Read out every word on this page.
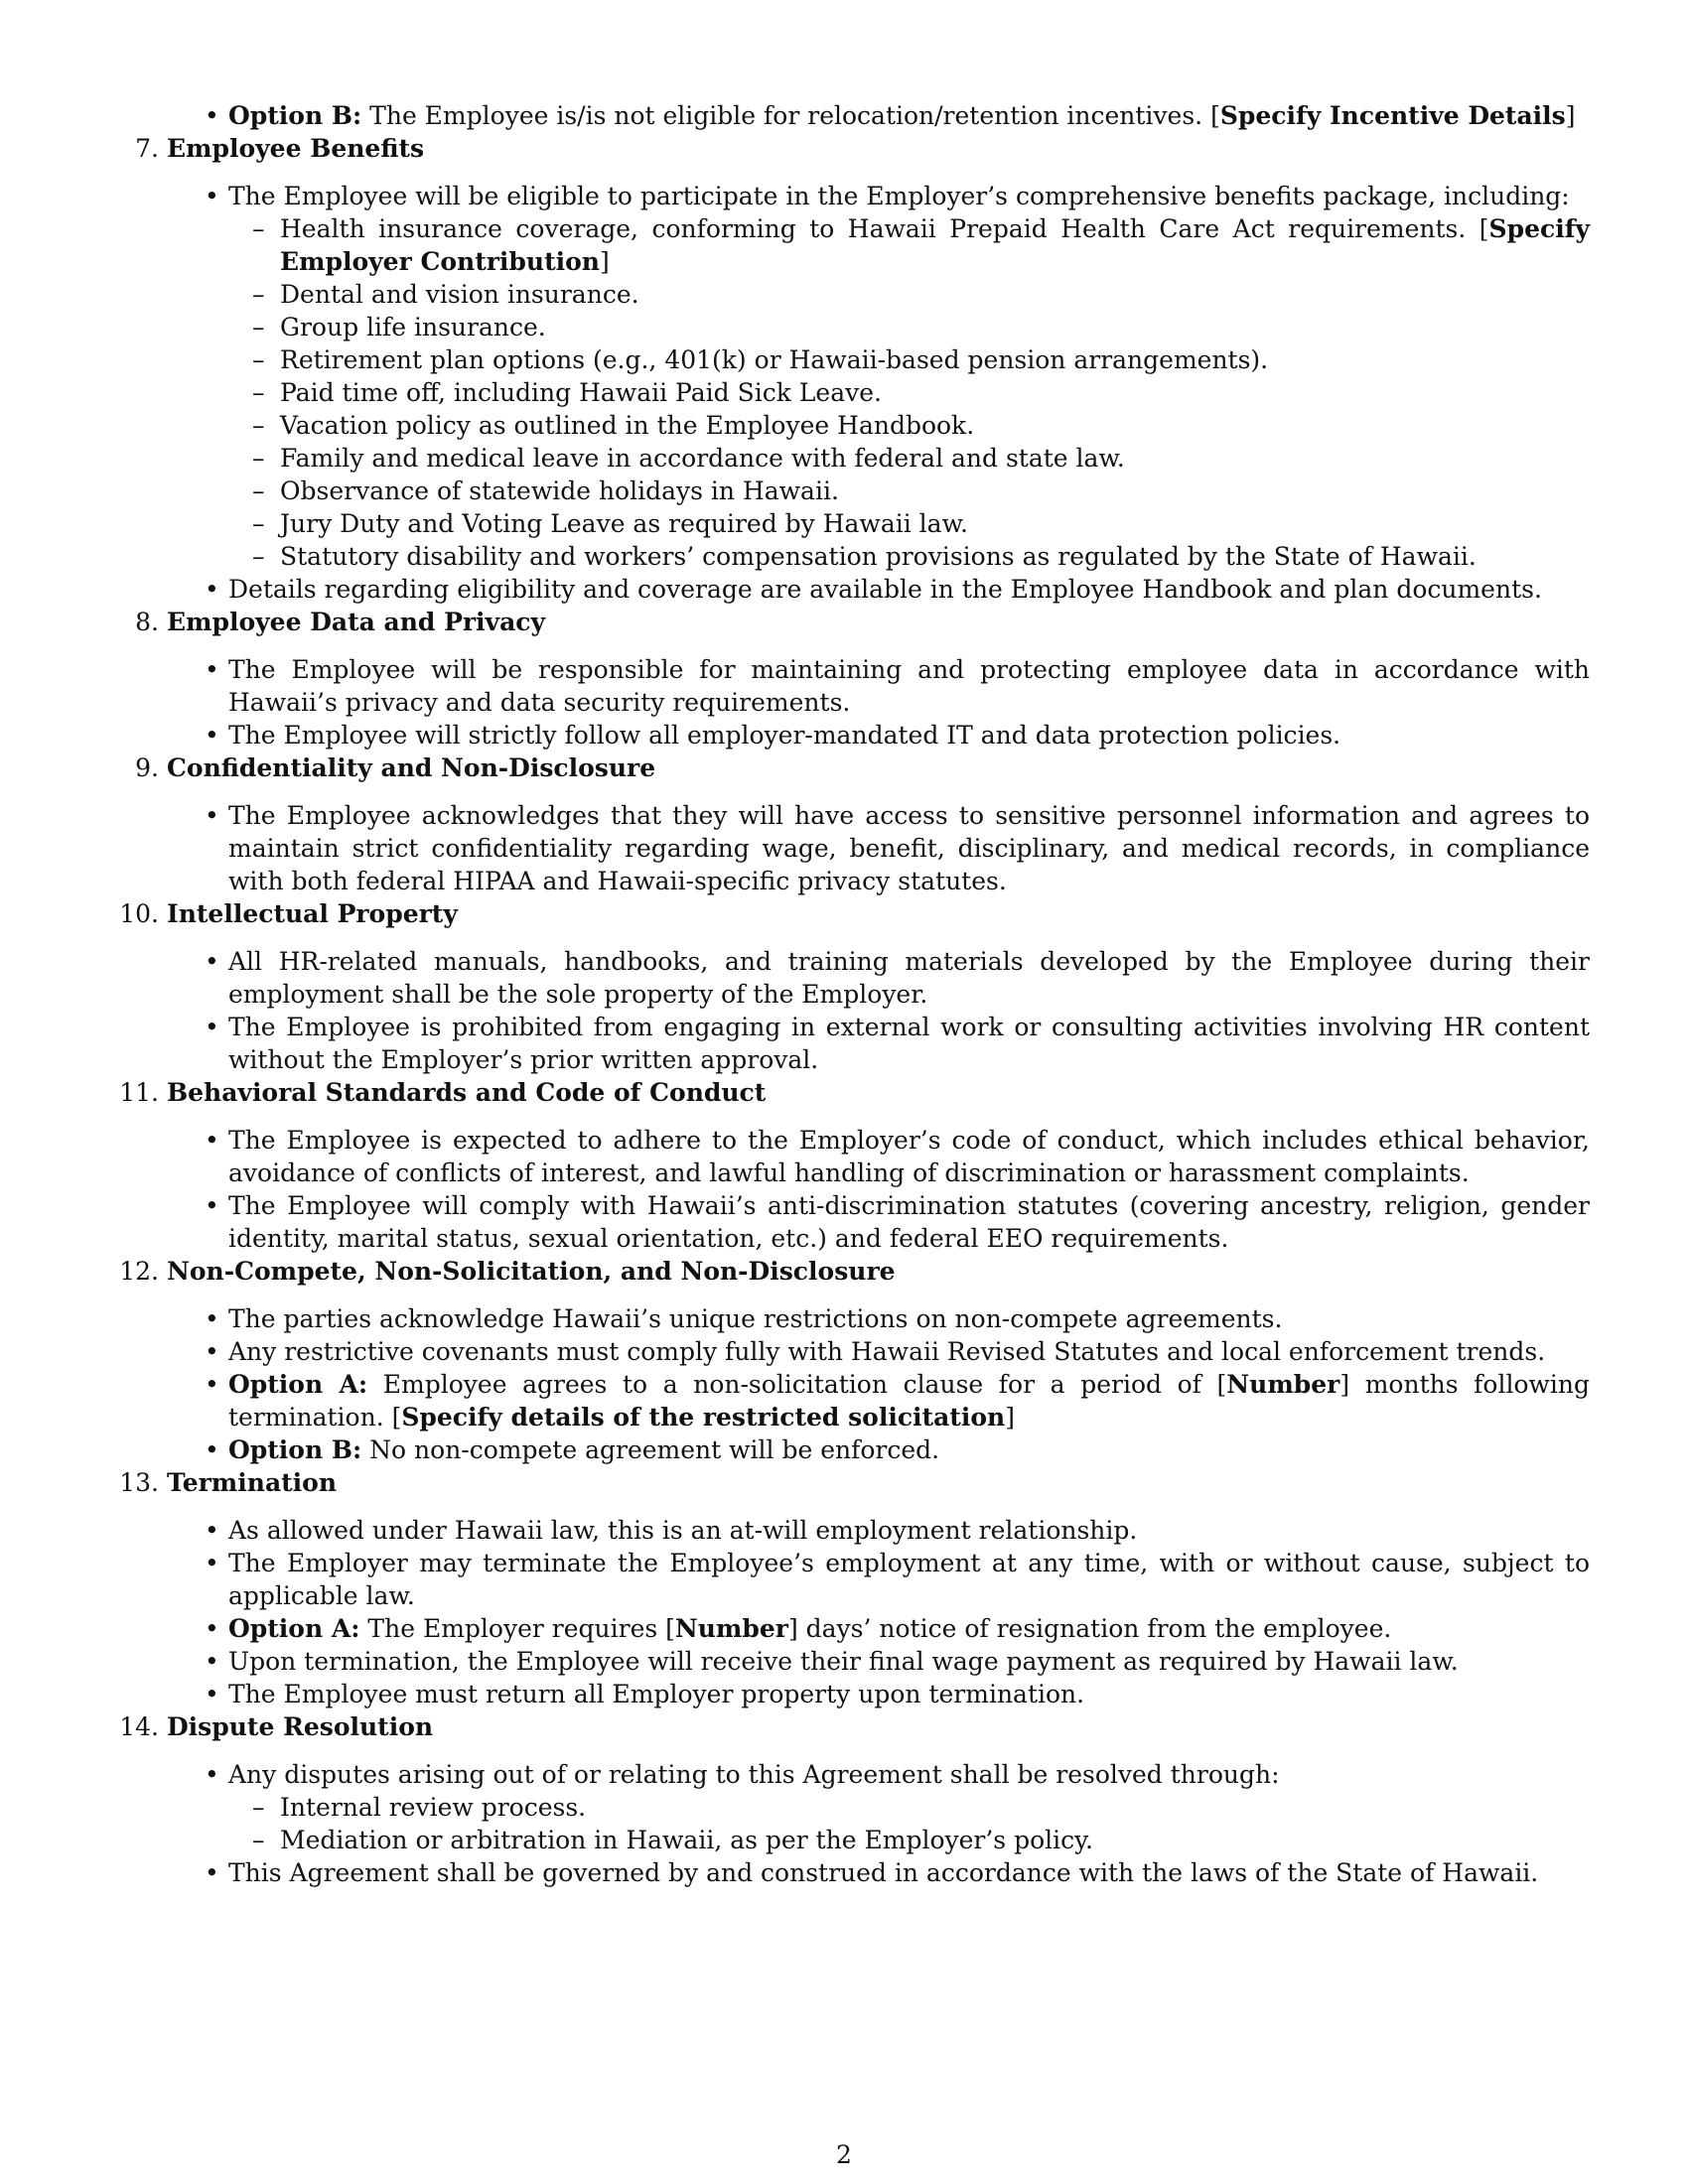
• Option B: The Employee is/is not eligible for relocation/retention incentives. [Specify Incentive Details]
7. Employee Benefits
• The Employee will be eligible to participate in the Employer’s comprehensive benefits package, including:
– Health insurance coverage, conforming to Hawaii Prepaid Health Care Act requirements. [Specify Employer Contribution]
– Dental and vision insurance.
– Group life insurance.
– Retirement plan options (e.g., 401(k) or Hawaii-based pension arrangements).
– Paid time off, including Hawaii Paid Sick Leave.
– Vacation policy as outlined in the Employee Handbook.
– Family and medical leave in accordance with federal and state law.
– Observance of statewide holidays in Hawaii.
– Jury Duty and Voting Leave as required by Hawaii law.
– Statutory disability and workers’ compensation provisions as regulated by the State of Hawaii.
• Details regarding eligibility and coverage are available in the Employee Handbook and plan documents.
8. Employee Data and Privacy
• The Employee will be responsible for maintaining and protecting employee data in accordance with Hawaii’s privacy and data security requirements.
• The Employee will strictly follow all employer-mandated IT and data protection policies.
9. Confidentiality and Non-Disclosure
• The Employee acknowledges that they will have access to sensitive personnel information and agrees to maintain strict confidentiality regarding wage, benefit, disciplinary, and medical records, in compliance with both federal HIPAA and Hawaii-specific privacy statutes.
10. Intellectual Property
• All HR-related manuals, handbooks, and training materials developed by the Employee during their employment shall be the sole property of the Employer.
• The Employee is prohibited from engaging in external work or consulting activities involving HR content without the Employer’s prior written approval.
11. Behavioral Standards and Code of Conduct
• The Employee is expected to adhere to the Employer’s code of conduct, which includes ethical behavior, avoidance of conflicts of interest, and lawful handling of discrimination or harassment complaints.
• The Employee will comply with Hawaii’s anti-discrimination statutes (covering ancestry, religion, gender identity, marital status, sexual orientation, etc.) and federal EEO requirements.
12. Non-Compete, Non-Solicitation, and Non-Disclosure
• The parties acknowledge Hawaii’s unique restrictions on non-compete agreements.
• Any restrictive covenants must comply fully with Hawaii Revised Statutes and local enforcement trends.
• Option A: Employee agrees to a non-solicitation clause for a period of [Number] months following termination. [Specify details of the restricted solicitation]
• Option B: No non-compete agreement will be enforced.
13. Termination
• As allowed under Hawaii law, this is an at-will employment relationship.
• The Employer may terminate the Employee’s employment at any time, with or without cause, subject to applicable law.
• Option A: The Employer requires [Number] days’ notice of resignation from the employee.
• Upon termination, the Employee will receive their final wage payment as required by Hawaii law.
• The Employee must return all Employer property upon termination.
14. Dispute Resolution
• Any disputes arising out of or relating to this Agreement shall be resolved through:
– Internal review process.
– Mediation or arbitration in Hawaii, as per the Employer’s policy.
• This Agreement shall be governed by and construed in accordance with the laws of the State of Hawaii.
2
